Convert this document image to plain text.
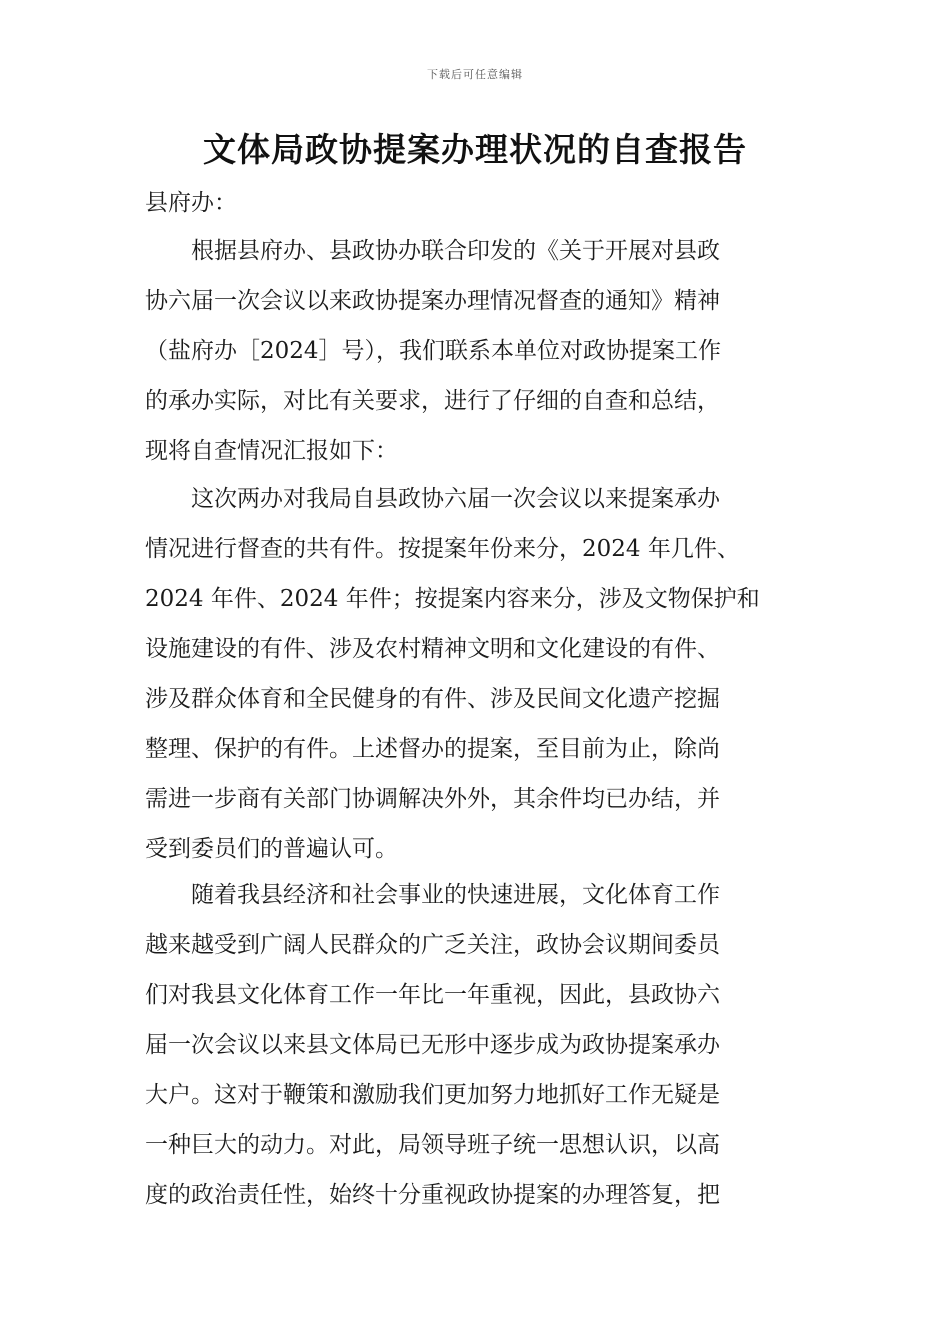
下载后可任意编辑
文体局政协提案办理状况的自查报告
县府办：
　　根据县府办、县政协办联合印发的《关于开展对县政
协六届一次会议以来政协提案办理情况督查的通知》精神
（盐府办［2024］号），我们联系本单位对政协提案工作
的承办实际，对比有关要求，进行了仔细的自查和总结，
现将自查情况汇报如下：
　　这次两办对我局自县政协六届一次会议以来提案承办
情况进行督查的共有件。按提案年份来分，2024 年几件、
2024 年件、2024 年件；按提案内容来分，涉及文物保护和
设施建设的有件、涉及农村精神文明和文化建设的有件、
涉及群众体育和全民健身的有件、涉及民间文化遗产挖掘
整理、保护的有件。上述督办的提案，至目前为止，除尚
需进一步商有关部门协调解决外外，其余件均已办结，并
受到委员们的普遍认可。
　　随着我县经济和社会事业的快速进展，文化体育工作
越来越受到广阔人民群众的广乏关注，政协会议期间委员
们对我县文化体育工作一年比一年重视，因此，县政协六
届一次会议以来县文体局已无形中逐步成为政协提案承办
大户。这对于鞭策和激励我们更加努力地抓好工作无疑是
一种巨大的动力。对此，局领导班子统一思想认识，以高
度的政治责任性，始终十分重视政协提案的办理答复，把
